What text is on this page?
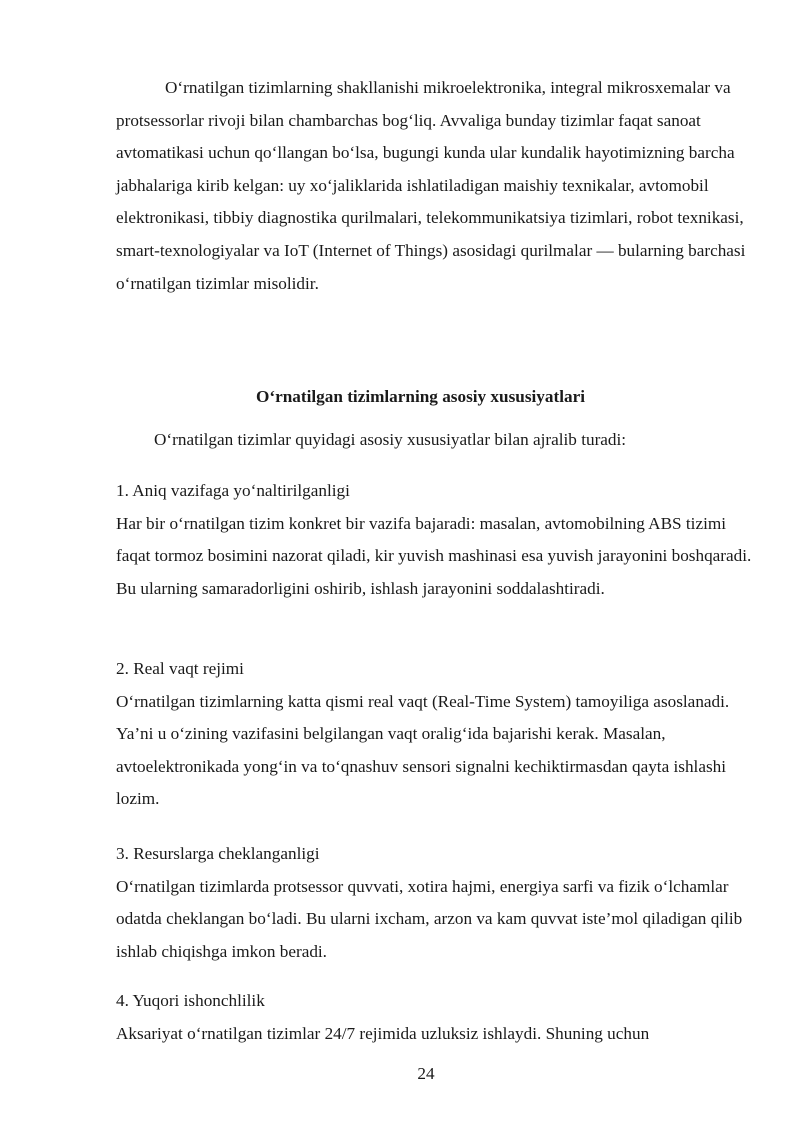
O‘rnatilgan tizimlarning shakllanishi mikroelektronika, integral mikrosxemalar va protsessorlar rivoji bilan chambarchas bog‘liq. Avvaliga bunday tizimlar faqat sanoat avtomatikasi uchun qo‘llangan bo‘lsa, bugungi kunda ular kundalik hayotimizning barcha jabhalariga kirib kelgan: uy xo‘jaliklarida ishlatiladigan maishiy texnikalar, avtomobil elektronikasi, tibbiy diagnostika qurilmalari, telekommunikatsiya tizimlari, robot texnikasi, smart-texnologiyalar va IoT (Internet of Things) asosidagi qurilmalar — bularning barchasi o‘rnatilgan tizimlar misolidir.
O‘rnatilgan tizimlarning asosiy xususiyatlari
O‘rnatilgan tizimlar quyidagi asosiy xususiyatlar bilan ajralib turadi:
1. Aniq vazifaga yo‘naltirilganligi
Har bir o‘rnatilgan tizim konkret bir vazifa bajaradi: masalan, avtomobilning ABS tizimi faqat tormoz bosimini nazorat qiladi, kir yuvish mashinasi esa yuvish jarayonini boshqaradi. Bu ularning samaradorligini oshirib, ishlash jarayonini soddalashtiradi.
2. Real vaqt rejimi
O‘rnatilgan tizimlarning katta qismi real vaqt (Real-Time System) tamoyiliga asoslanadi. Ya’ni u o‘zining vazifasini belgilangan vaqt oralig‘ida bajarishi kerak. Masalan, avtoelektronikada yong‘in va to‘qnashuv sensori signalni kechiktirmasdan qayta ishlashi lozim.
3. Resurslarga cheklanganligi
O‘rnatilgan tizimlarda protsessor quvvati, xotira hajmi, energiya sarfi va fizik o‘lchamlar odatda cheklangan bo‘ladi. Bu ularni ixcham, arzon va kam quvvat iste’mol qiladigan qilib ishlab chiqishga imkon beradi.
4. Yuqori ishonchlilik
Aksariyat o‘rnatilgan tizimlar 24/7 rejimida uzluksiz ishlaydi. Shuning uchun
24
